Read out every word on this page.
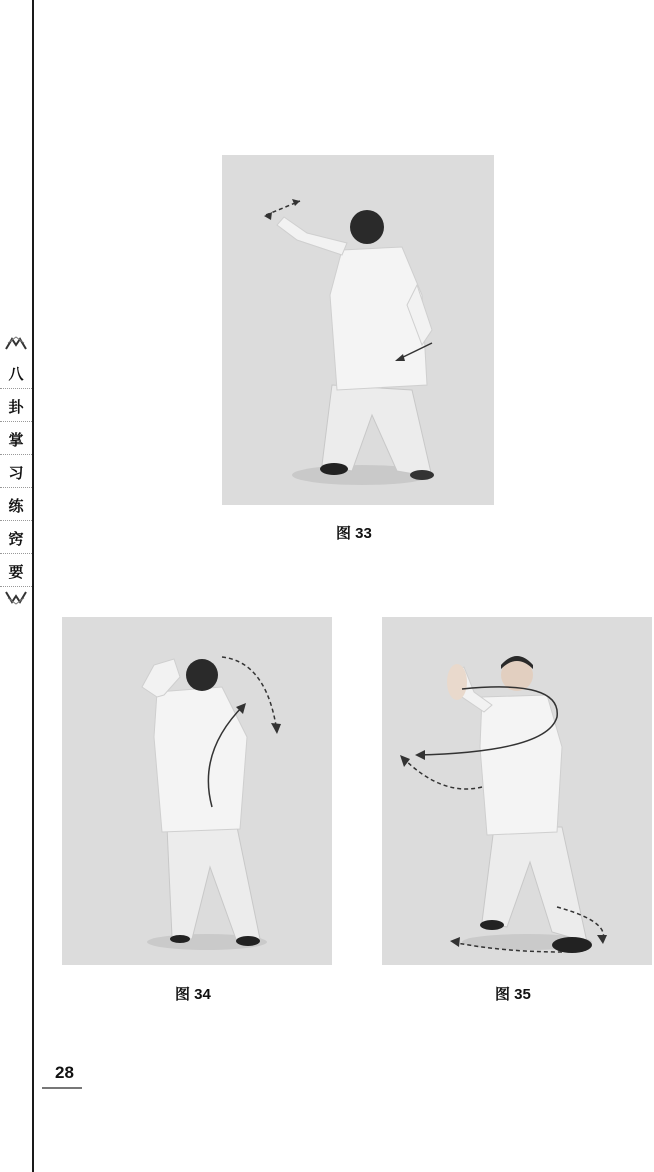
八
卦
掌
习
练
窍
要
图 33
图 34	图 35
28
